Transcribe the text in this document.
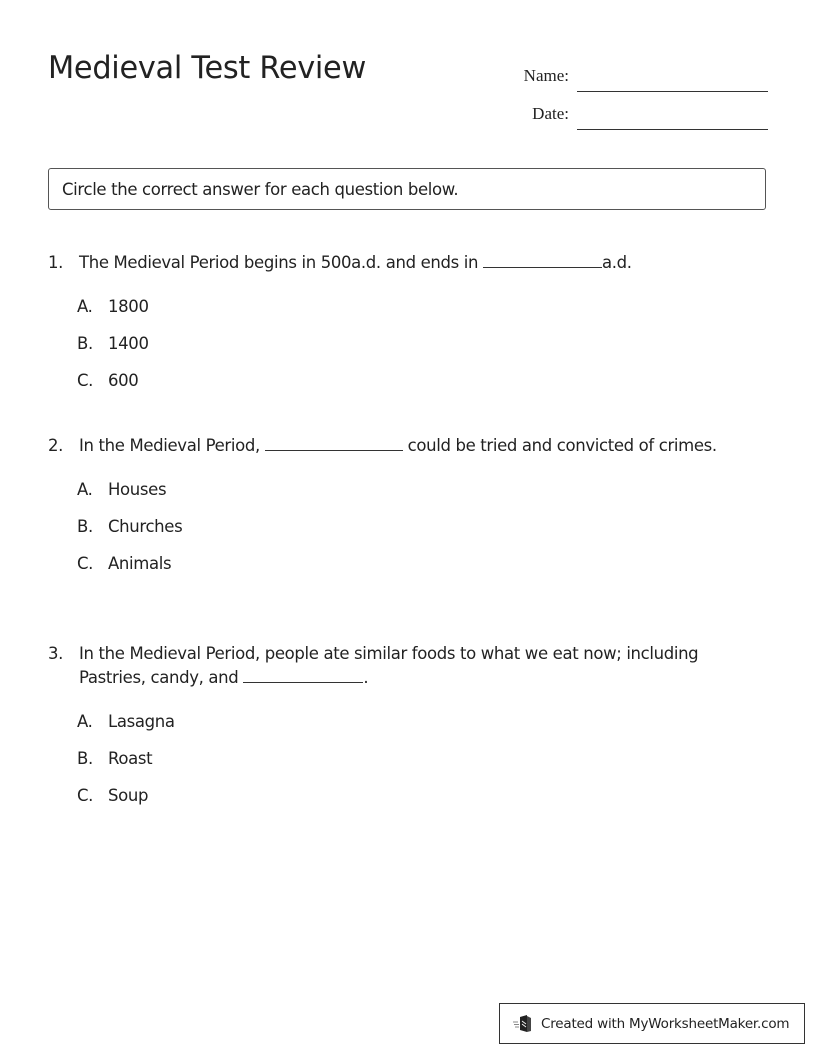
Medieval Test Review	Name:
Date:
Circle the correct answer for each question below.
1. The Medieval Period begins in 500a.d. and ends in	a.d.
A. 1800
B. 1400
C. 600
2. In the Medieval Period,	could be tried and convicted of crimes.
A. Houses
B. Churches
C. Animals
3. In the Medieval Period, people ate similar foods to what we eat now; including Pastries, candy, and	.
A. Lasagna
B. Roast
C. Soup
Created with MyWorksheetMaker.com
